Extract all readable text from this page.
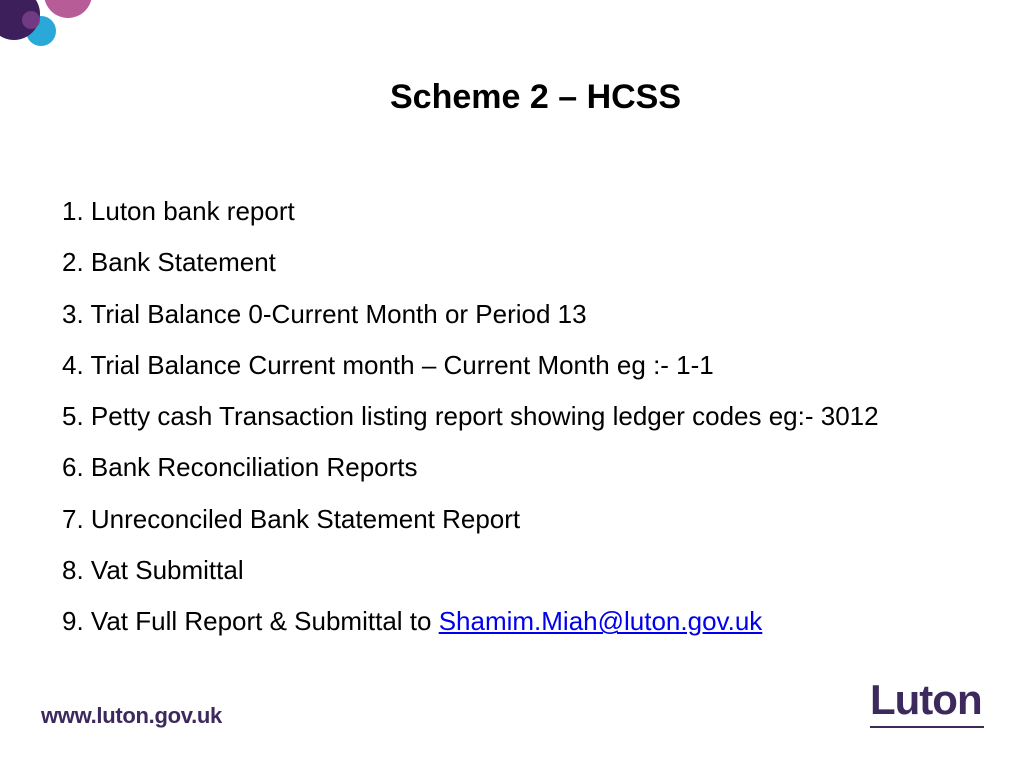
Scheme 2 – HCSS
1. Luton bank report
2. Bank Statement
3. Trial Balance 0-Current Month or Period 13
4. Trial Balance Current month – Current Month eg :- 1-1
5. Petty cash Transaction listing report showing ledger codes eg:- 3012
6. Bank Reconciliation Reports
7. Unreconciled Bank Statement Report
8. Vat Submittal
9. Vat Full Report & Submittal to Shamim.Miah@luton.gov.uk
www.luton.gov.uk	Luton
